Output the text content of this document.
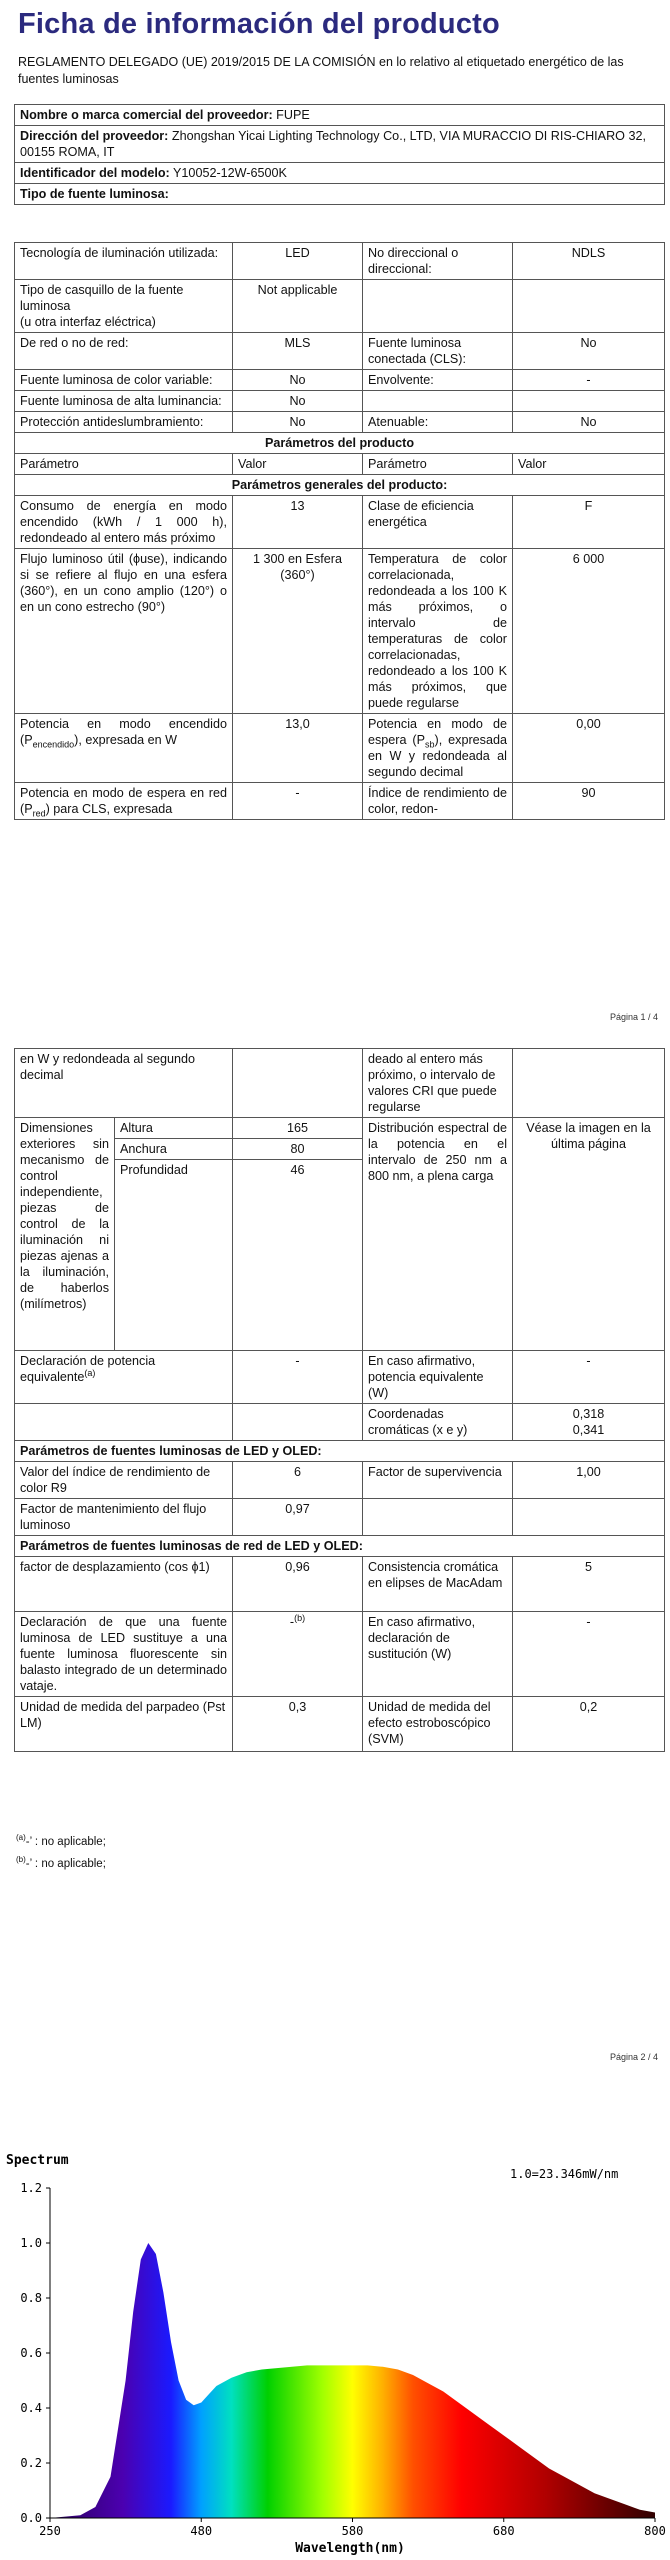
Ficha de información del producto
REGLAMENTO DELEGADO (UE) 2019/2015 DE LA COMISIÓN en lo relativo al etiquetado energético de las fuentes luminosas
Nombre o marca comercial del proveedor: FUPE
Dirección del proveedor: Zhongshan Yicai Lighting Technology Co., LTD, VIA MURACCIO DI RIS-CHIARO 32, 00155 ROMA, IT
Identificador del modelo: Y10052-12W-6500K
Tipo de fuente luminosa:
Tecnología de iluminación utilizada:	LED	No direccional o direccional:	NDLS
Tipo de casquillo de la fuente luminosa
(u otra interfaz eléctrica)	Not applicable		
De red o no de red:	MLS	Fuente luminosa conectada (CLS):	No
Fuente luminosa de color variable:	No	Envolvente:	-
Fuente luminosa de alta luminancia:	No		
Protección antideslumbramiento:	No	Atenuable:	No
Parámetros del producto			
Parámetro	Valor	Parámetro	Valor
Parámetros generales del producto:			
Consumo de energía en modo encendido (kWh / 1 000 h), redondeado al entero más próximo	13	Clase de eficiencia energética	F
Flujo luminoso útil (ϕuse), indicando si se refiere al flujo en una esfera (360°), en un cono amplio (120°) o en un cono estrecho (90°)	1 300 en Esfera (360°)	Temperatura de color correlacionada, redondeada a los 100 K más próximos, o intervalo de temperaturas de color correlacionadas, redondeado a los 100 K más próximos, que puede regularse	6 000
Potencia en modo encendido $(P_{encendido})$, expresada en W	13,0	Potencia en modo de espera $(P_{sb})$, expresada en W y redondeada al segundo decimal	0,00
Potencia en modo de espera en red $(P_{red})$ para CLS, expresada	-	Índice de rendimiento de color, redon-	90
Página 1 / 4
en W y redondeada al segundo decimal			deado al entero más próximo, o intervalo de valores CRI que puede regularse	
Dimensiones exteriores sin mecanismo de control independiente, piezas de control de la iluminación ni piezas ajenas a la iluminación, de haberlos (milímetros)	Altura	165	Distribución espectral de la potencia en el intervalo de 250 nm a 800 nm, a plena carga	Véase la imagen en la última página
	Anchura	80		
	Profundidad	46		
Declaración de potencia equivalente$^{(a)}$		-	En caso afirmativo, potencia equivalente (W)	-
			Coordenadas cromáticas (x e y)	0,318
0,341
Parámetros de fuentes luminosas de LED y OLED:				
Valor del índice de rendimiento de color R9		6	Factor de supervivencia	1,00
Factor de mantenimiento del flujo luminoso		0,97		
Parámetros de fuentes luminosas de red de LED y OLED:				
factor de desplazamiento (cos ϕ1)		0,96	Consistencia cromática en elipses de MacAdam	5
Declaración de que una fuente luminosa de LED sustituye a una fuente luminosa fluorescente sin balasto integrado de un determinado vataje.		-$^{(b)}$	En caso afirmativo, declaración de sustitución (W)	-
Unidad de medida del parpadeo (Pst LM)		0,3	Unidad de medida del efecto estroboscópico (SVM)	0,2
$^{(a)}$-’ : no aplicable;
$^{(b)}$-’ : no aplicable;
Página 2 / 4
Spectrum
1.0=23.346mW/nm
0.0
0.2
0.4
0.6
0.8
1.0
1.2
250	480	580	680	800
Wavelength(nm)
